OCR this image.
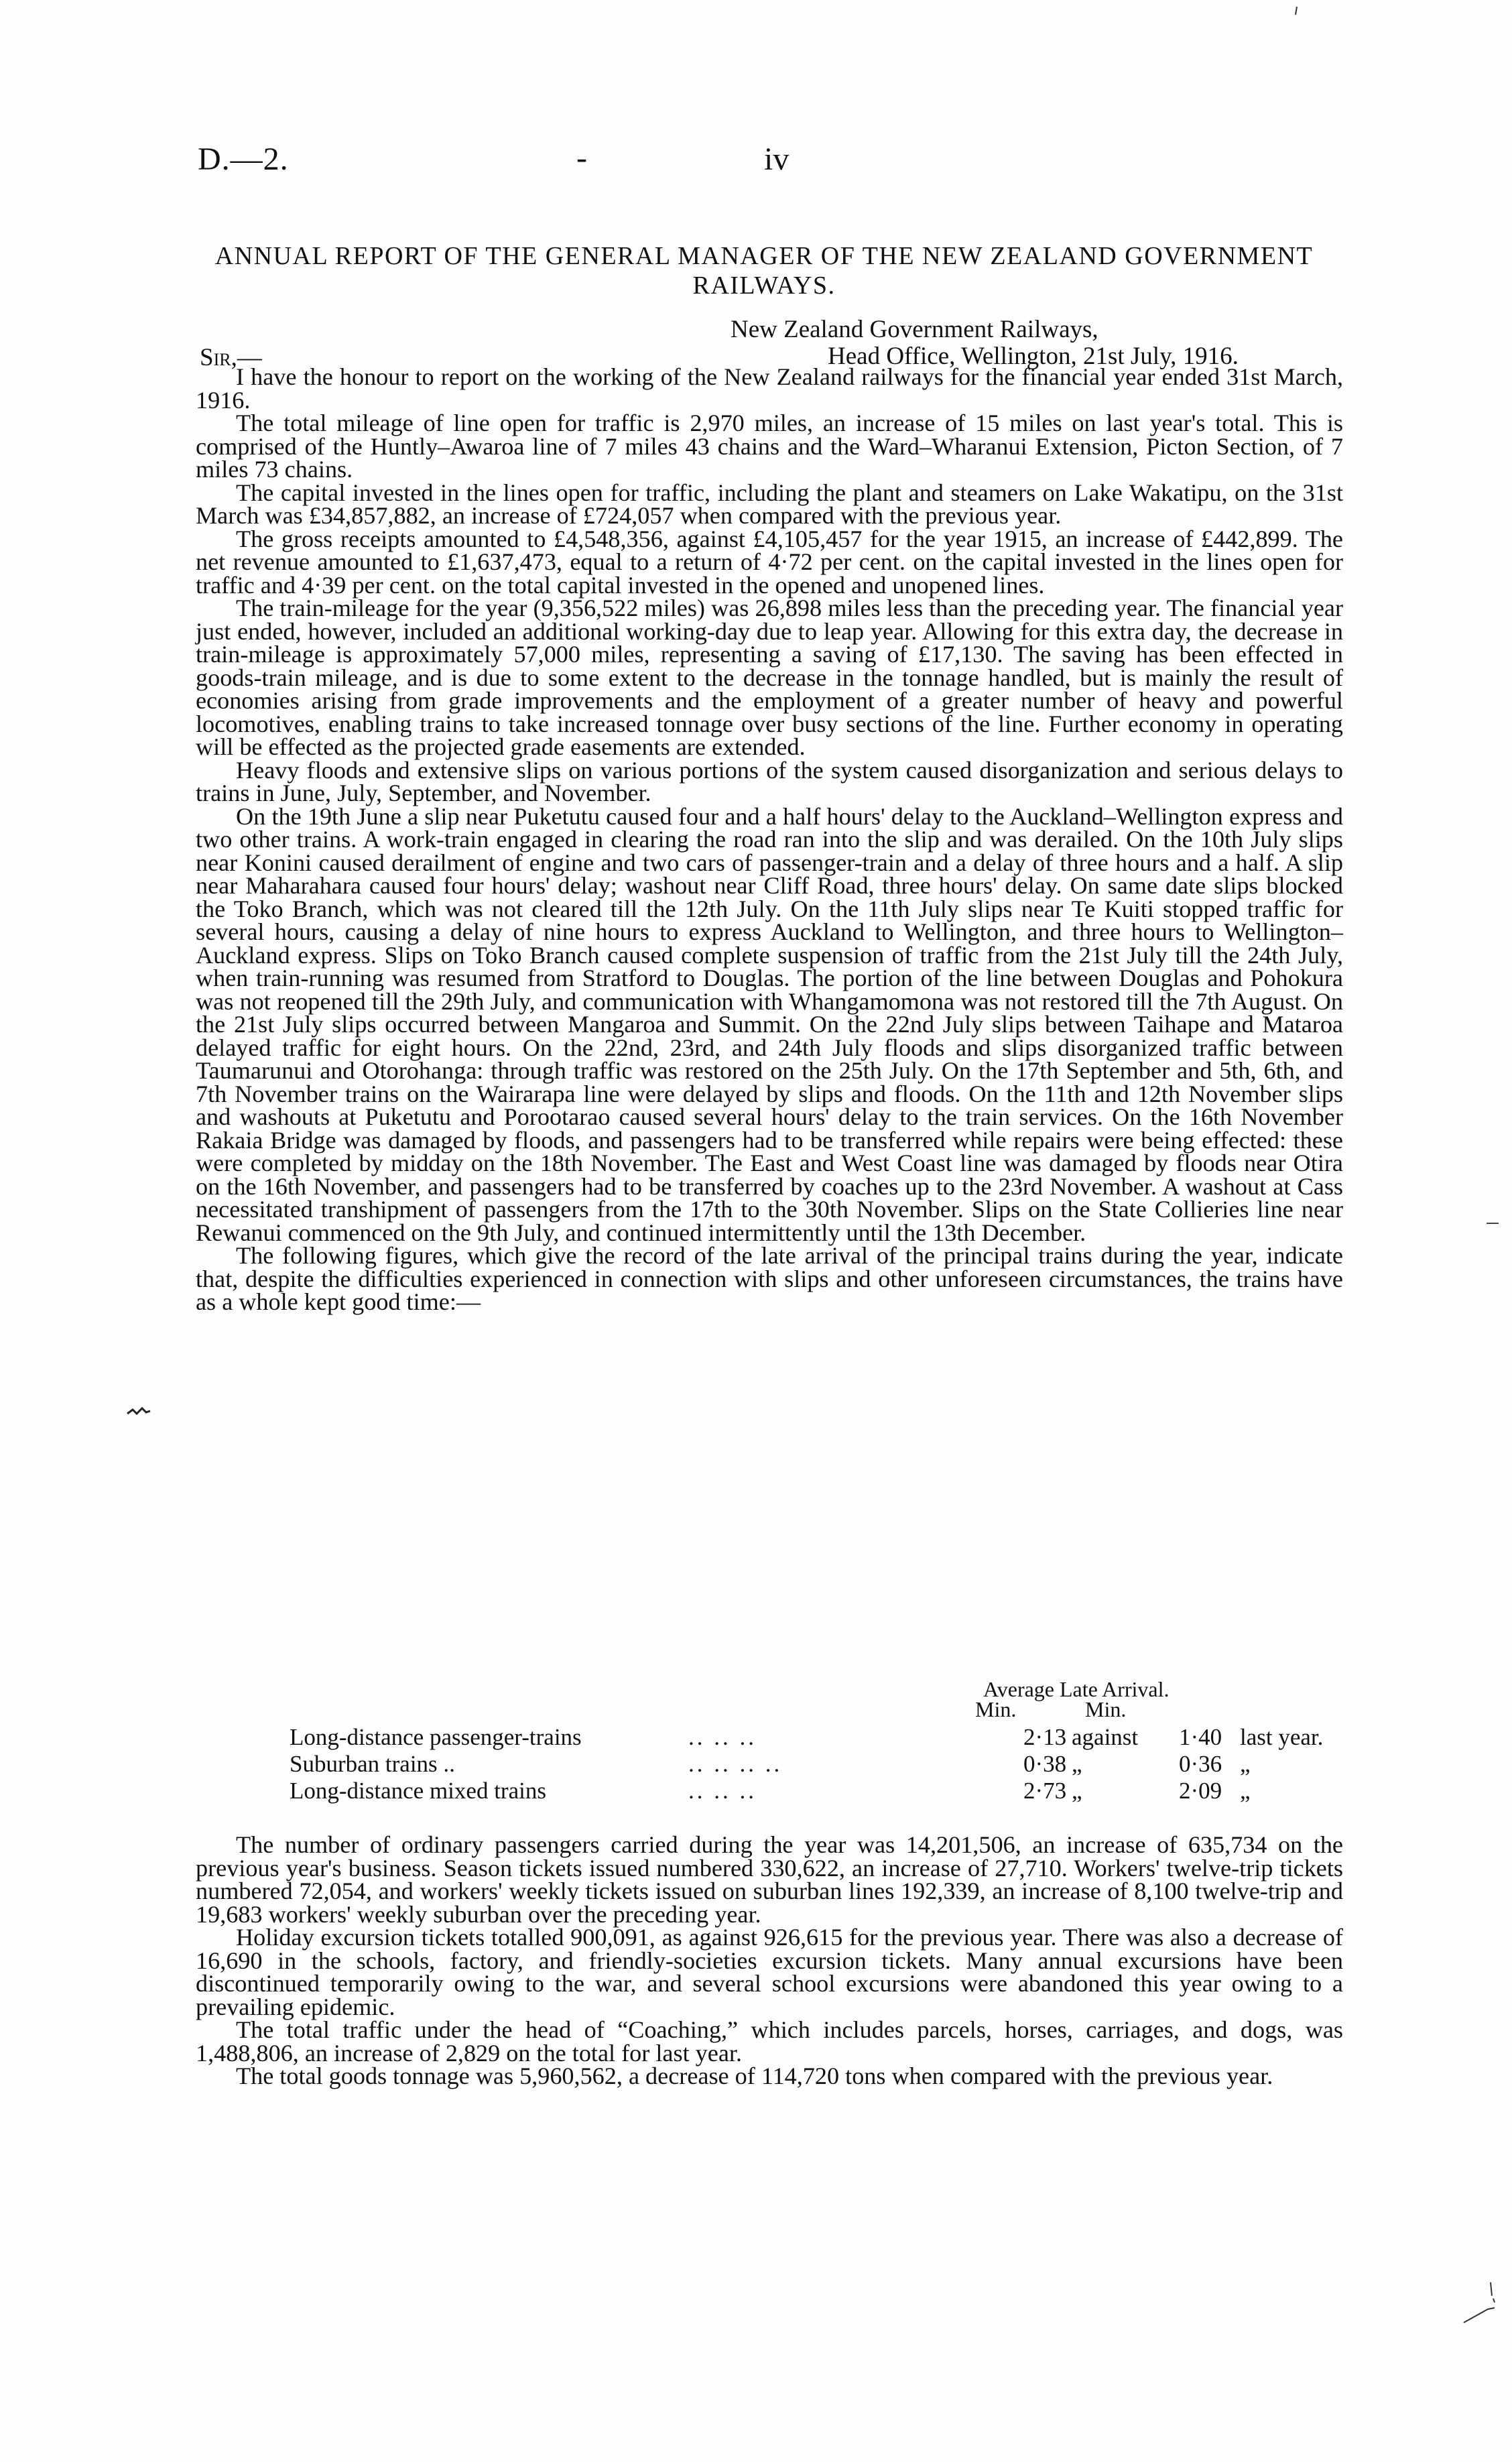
D.—2.	-	iv
ANNUAL REPORT OF THE GENERAL MANAGER OF THE NEW ZEALAND GOVERNMENT RAILWAYS.
New Zealand Government Railways,
Sir,—	Head Office, Wellington, 21st July, 1916.

I have the honour to report on the working of the New Zealand railways for the financial year ended 31st March, 1916.

The total mileage of line open for traffic is 2,970 miles, an increase of 15 miles on last year's total. This is comprised of the Huntly–Awaroa line of 7 miles 43 chains and the Ward–Wharanui Extension, Picton Section, of 7 miles 73 chains.

The capital invested in the lines open for traffic, including the plant and steamers on Lake Wakatipu, on the 31st March was £34,857,882, an increase of £724,057 when compared with the previous year.

The gross receipts amounted to £4,548,356, against £4,105,457 for the year 1915, an increase of £442,899. The net revenue amounted to £1,637,473, equal to a return of 4·72 per cent. on the capital invested in the lines open for traffic and 4·39 per cent. on the total capital invested in the opened and unopened lines.

The train-mileage for the year (9,356,522 miles) was 26,898 miles less than the preceding year. The financial year just ended, however, included an additional working-day due to leap year. Allowing for this extra day, the decrease in train-mileage is approximately 57,000 miles, representing a saving of £17,130. The saving has been effected in goods-train mileage, and is due to some extent to the decrease in the tonnage handled, but is mainly the result of economies arising from grade improvements and the employment of a greater number of heavy and powerful locomotives, enabling trains to take increased tonnage over busy sections of the line. Further economy in operating will be effected as the projected grade easements are extended.

Heavy floods and extensive slips on various portions of the system caused disorganization and serious delays to trains in June, July, September, and November.

On the 19th June a slip near Puketutu caused four and a half hours' delay to the Auckland–Wellington express and two other trains. A work-train engaged in clearing the road ran into the slip and was derailed. On the 10th July slips near Konini caused derailment of engine and two cars of passenger-train and a delay of three hours and a half. A slip near Maharahara caused four hours' delay; washout near Cliff Road, three hours' delay. On same date slips blocked the Toko Branch, which was not cleared till the 12th July. On the 11th July slips near Te Kuiti stopped traffic for several hours, causing a delay of nine hours to express Auckland to Wellington, and three hours to Wellington–Auckland express. Slips on Toko Branch caused complete suspension of traffic from the 21st July till the 24th July, when train-running was resumed from Stratford to Douglas. The portion of the line between Douglas and Pohokura was not reopened till the 29th July, and communication with Whangamomona was not restored till the 7th August. On the 21st July slips occurred between Mangaroa and Summit. On the 22nd July slips between Taihape and Mataroa delayed traffic for eight hours. On the 22nd, 23rd, and 24th July floods and slips disorganized traffic between Taumarunui and Otorohanga: through traffic was restored on the 25th July. On the 17th September and 5th, 6th, and 7th November trains on the Wairarapa line were delayed by slips and floods. On the 11th and 12th November slips and washouts at Puketutu and Porootarao caused several hours' delay to the train services. On the 16th November Rakaia Bridge was damaged by floods, and passengers had to be transferred while repairs were being effected: these were completed by midday on the 18th November. The East and West Coast line was damaged by floods near Otira on the 16th November, and passengers had to be transferred by coaches up to the 23rd November. A washout at Cass necessitated transhipment of passengers from the 17th to the 30th November. Slips on the State Collieries line near Rewanui commenced on the 9th July, and continued intermittently until the 13th December.

The following figures, which give the record of the late arrival of the principal trains during the year, indicate that, despite the difficulties experienced in connection with slips and other unforeseen circumstances, the trains have as a whole kept good time:—

Average Late Arrival.
Min.	Min.
Long-distance passenger-trains	.. .. ..	2·13 against 1·40 last year.
Suburban trains ..	.. .. .. ..	0·38 „	0·36 „
Long-distance mixed trains	.. .. ..	2·73 „	2·09 „

The number of ordinary passengers carried during the year was 14,201,506, an increase of 635,734 on the previous year's business. Season tickets issued numbered 330,622, an increase of 27,710. Workers' twelve-trip tickets numbered 72,054, and workers' weekly tickets issued on suburban lines 192,339, an increase of 8,100 twelve-trip and 19,683 workers' weekly suburban over the preceding year.

Holiday excursion tickets totalled 900,091, as against 926,615 for the previous year. There was also a decrease of 16,690 in the schools, factory, and friendly-societies excursion tickets. Many annual excursions have been discontinued temporarily owing to the war, and several school excursions were abandoned this year owing to a prevailing epidemic.

The total traffic under the head of “Coaching,” which includes parcels, horses, carriages, and dogs, was 1,488,806, an increase of 2,829 on the total for last year.

The total goods tonnage was 5,960,562, a decrease of 114,720 tons when compared with the previous year.
